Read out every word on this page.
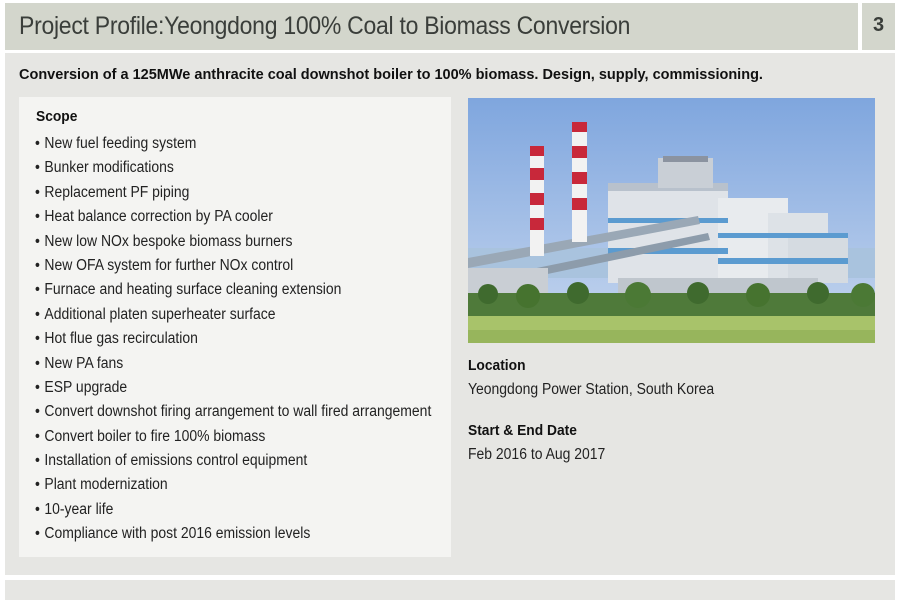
Project Profile:Yeongdong 100% Coal to Biomass Conversion	3
Conversion of a 125MWe anthracite coal downshot boiler to 100% biomass. Design, supply, commissioning.
Scope
• New fuel feeding system
• Bunker modifications
• Replacement PF piping
• Heat balance correction by PA cooler
• New low NOx bespoke biomass burners
• New OFA system for further NOx control
• Furnace and heating surface cleaning extension
• Additional platen superheater surface
• Hot flue gas recirculation
• New PA fans
• ESP upgrade
• Convert downshot firing arrangement to wall fired arrangement
• Convert boiler to fire 100% biomass
• Installation of emissions control equipment
• Plant modernization
• 10-year life
• Compliance with post 2016 emission levels
Location
Yeongdong Power Station, South Korea
Start & End Date
Feb 2016 to Aug 2017
